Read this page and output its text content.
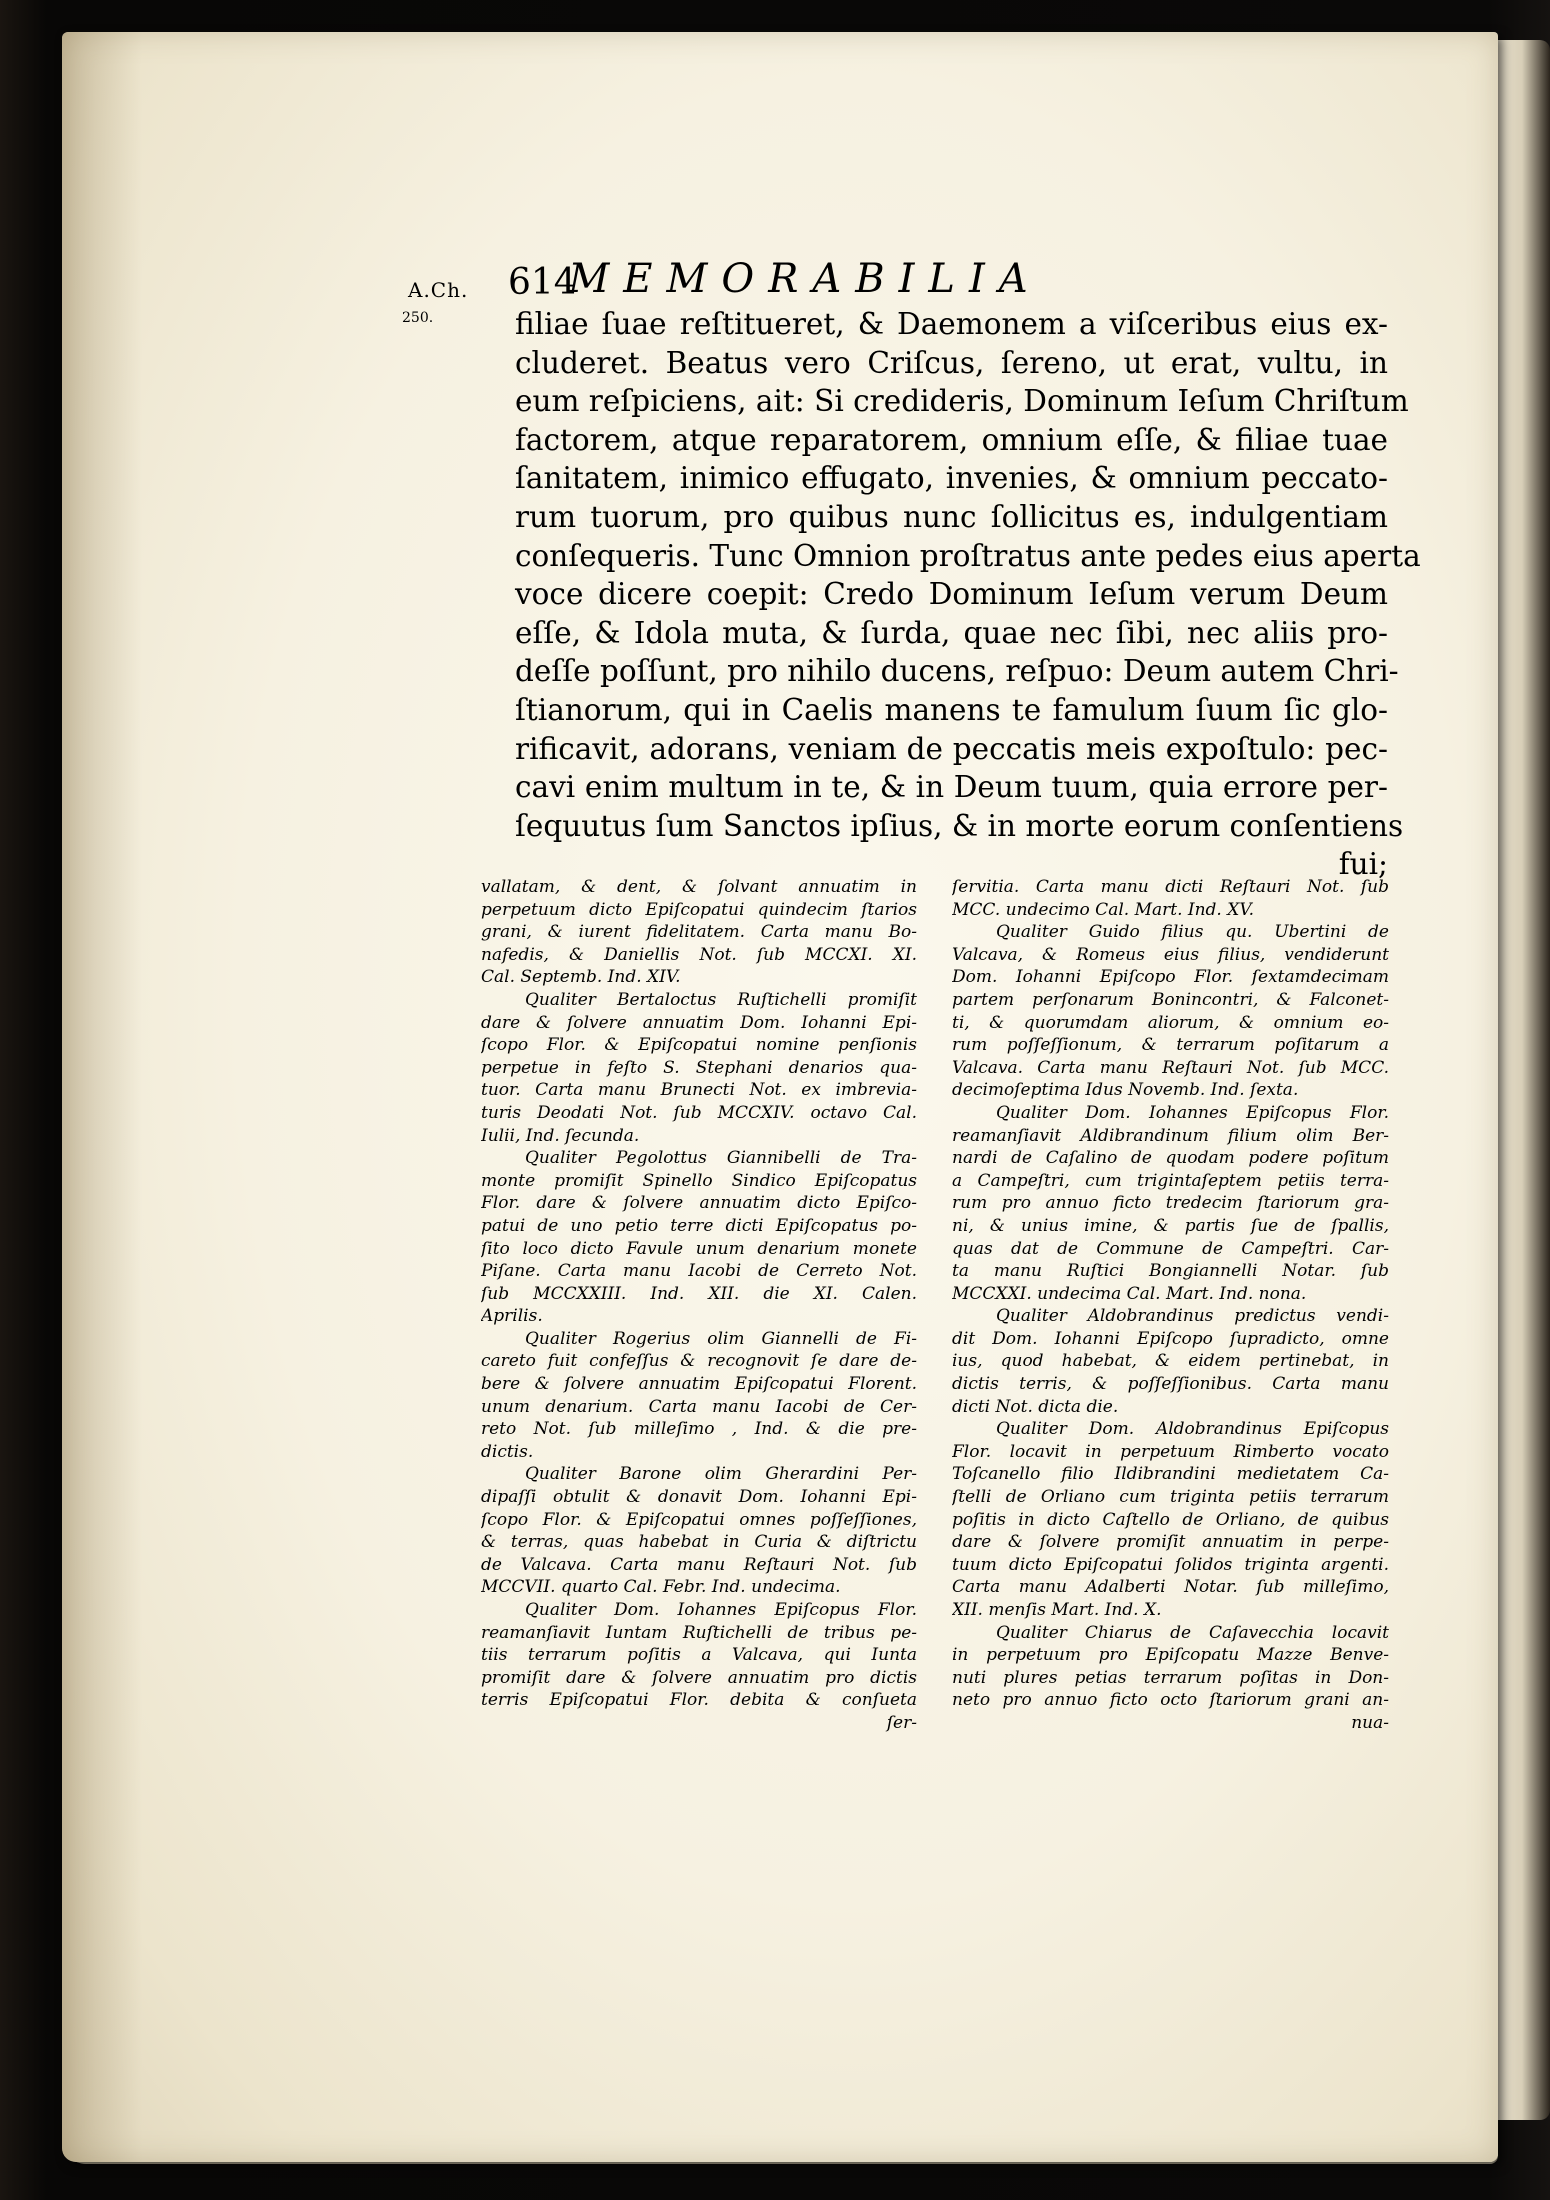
A.Ch.
250.
614
MEMORABILIA
filiae ſuae reſtitueret, & Daemonem a viſceribus eius ex-
cluderet. Beatus vero Criſcus, ſereno, ut erat, vultu, in
eum reſpiciens, ait: Si credideris, Dominum Ieſum Chriſtum
factorem, atque reparatorem, omnium eſſe, & filiae tuae
ſanitatem, inimico effugato, invenies, & omnium peccato-
rum tuorum, pro quibus nunc ſollicitus es, indulgentiam
conſequeris. Tunc Omnion proſtratus ante pedes eius aperta
voce dicere coepit: Credo Dominum Ieſum verum Deum
eſſe, & Idola muta, & ſurda, quae nec ſibi, nec aliis pro-
deſſe poſſunt, pro nihilo ducens, reſpuo: Deum autem Chri-
ſtianorum, qui in Caelis manens te famulum ſuum ſic glo-
rificavit, adorans, veniam de peccatis meis expoſtulo: pec-
cavi enim multum in te, & in Deum tuum, quia errore per-
ſequutus ſum Sanctos ipſius, & in morte eorum conſentiens
fui;
vallatam, & dent, & ſolvant annuatim in
perpetuum dicto Epiſcopatui quindecim ſtarios
grani, & iurent fidelitatem. Carta manu Bo-
nafedis, & Daniellis Not. ſub MCCXI. XI.
Cal. Septemb. Ind. XIV.
Qualiter Bertaloctus Ruſtichelli promiſit
dare & ſolvere annuatim Dom. Iohanni Epi-
ſcopo Flor. & Epiſcopatui nomine penſionis
perpetue in feſto S. Stephani denarios qua-
tuor. Carta manu Brunecti Not. ex imbrevia-
turis Deodati Not. ſub MCCXIV. octavo Cal.
Iulii, Ind. ſecunda.
Qualiter Pegolottus Giannibelli de Tra-
monte promiſit Spinello Sindico Epiſcopatus
Flor. dare & ſolvere annuatim dicto Epiſco-
patui de uno petio terre dicti Epiſcopatus po-
ſito loco dicto Favule unum denarium monete
Piſane. Carta manu Iacobi de Cerreto Not.
ſub MCCXXIII. Ind. XII. die XI. Calen.
Aprilis.
Qualiter Rogerius olim Giannelli de Fi-
careto fuit confeſſus & recognovit ſe dare de-
bere & ſolvere annuatim Epiſcopatui Florent.
unum denarium. Carta manu Iacobi de Cer-
reto Not. ſub milleſimo , Ind. & die pre-
dictis.
Qualiter Barone olim Gherardini Per-
dipaſſi obtulit & donavit Dom. Iohanni Epi-
ſcopo Flor. & Epiſcopatui omnes poſſeſſiones,
& terras, quas habebat in Curia & diſtrictu
de Valcava. Carta manu Reſtauri Not. ſub
MCCVII. quarto Cal. Febr. Ind. undecima.
Qualiter Dom. Iohannes Epiſcopus Flor.
reamanſiavit Iuntam Ruſtichelli de tribus pe-
tiis terrarum poſitis a Valcava, qui Iunta
promiſit dare & ſolvere annuatim pro dictis
terris Epiſcopatui Flor. debita & conſueta
ſer-
ſervitia. Carta manu dicti Reſtauri Not. ſub
MCC. undecimo Cal. Mart. Ind. XV.
Qualiter Guido filius qu. Ubertini de
Valcava, & Romeus eius filius, vendiderunt
Dom. Iohanni Epiſcopo Flor. ſextamdecimam
partem perſonarum Bonincontri, & Falconet-
ti, & quorumdam aliorum, & omnium eo-
rum poſſeſſionum, & terrarum poſitarum a
Valcava. Carta manu Reſtauri Not. ſub MCC.
decimoſeptima Idus Novemb. Ind. ſexta.
Qualiter Dom. Iohannes Epiſcopus Flor.
reamanſiavit Aldibrandinum filium olim Ber-
nardi de Caſalino de quodam podere poſitum
a Campeſtri, cum trigintaſeptem petiis terra-
rum pro annuo ficto tredecim ſtariorum gra-
ni, & unius imine, & partis ſue de ſpallis,
quas dat de Commune de Campeſtri. Car-
ta manu Ruſtici Bongiannelli Notar. ſub
MCCXXI. undecima Cal. Mart. Ind. nona.
Qualiter Aldobrandinus predictus vendi-
dit Dom. Iohanni Epiſcopo ſupradicto, omne
ius, quod habebat, & eidem pertinebat, in
dictis terris, & poſſeſſionibus. Carta manu
dicti Not. dicta die.
Qualiter Dom. Aldobrandinus Epiſcopus
Flor. locavit in perpetuum Rimberto vocato
Toſcanello filio Ildibrandini medietatem Ca-
ſtelli de Orliano cum triginta petiis terrarum
poſitis in dicto Caſtello de Orliano, de quibus
dare & ſolvere promiſit annuatim in perpe-
tuum dicto Epiſcopatui ſolidos triginta argenti.
Carta manu Adalberti Notar. ſub milleſimo,
XII. menſis Mart. Ind. X.
Qualiter Chiarus de Caſavecchia locavit
in perpetuum pro Epiſcopatu Mazze Benve-
nuti plures petias terrarum poſitas in Don-
neto pro annuo ficto octo ſtariorum grani an-
nua-
